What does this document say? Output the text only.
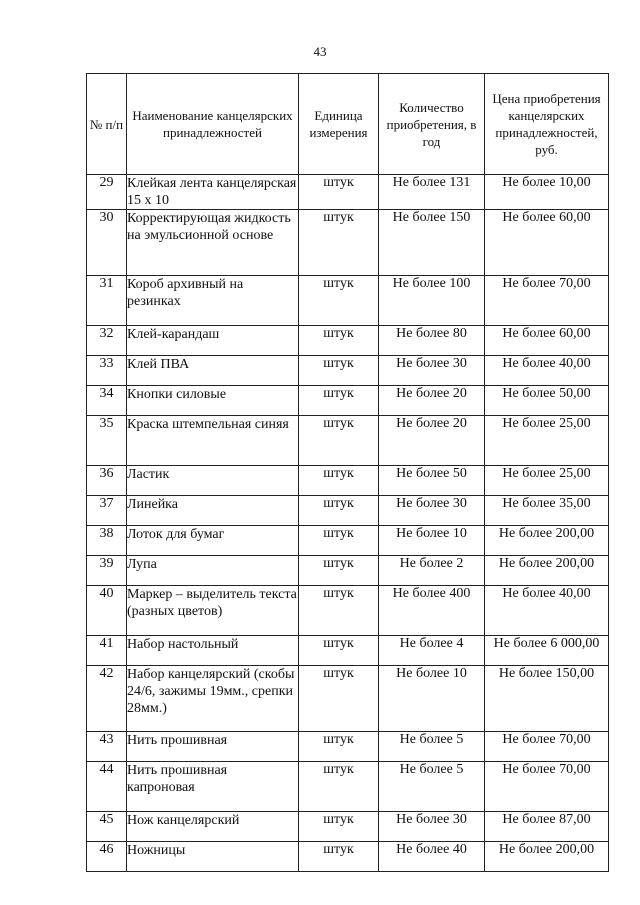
43
№ п/п	Наименование канцелярских принадлежностей	Единица измерения	Количество приобретения, в год	Цена приобретения канцелярских принадлежностей, руб.
29	Клейкая лента канцелярская 15 х 10	штук	Не более 131	Не более 10,00
30	Корректирующая жидкость на эмульсионной основе	штук	Не более 150	Не более 60,00
31	Короб архивный на резинках	штук	Не более 100	Не более 70,00
32	Клей-карандаш	штук	Не более 80	Не более 60,00
33	Клей ПВА	штук	Не более 30	Не более 40,00
34	Кнопки силовые	штук	Не более 20	Не более 50,00
35	Краска штемпельная синяя	штук	Не более 20	Не более 25,00
36	Ластик	штук	Не более 50	Не более 25,00
37	Линейка	штук	Не более 30	Не более 35,00
38	Лоток для бумаг	штук	Не более 10	Не более 200,00
39	Лупа	штук	Не более 2	Не более 200,00
40	Маркер – выделитель текста (разных цветов)	штук	Не более 400	Не более 40,00
41	Набор настольный	штук	Не более 4	Не более 6 000,00
42	Набор канцелярский (скобы 24/6, зажимы 19мм., срепки 28мм.)	штук	Не более 10	Не более 150,00
43	Нить прошивная	штук	Не более 5	Не более 70,00
44	Нить прошивная капроновая	штук	Не более 5	Не более 70,00
45	Нож канцелярский	штук	Не более 30	Не более 87,00
46	Ножницы	штук	Не более 40	Не более 200,00
